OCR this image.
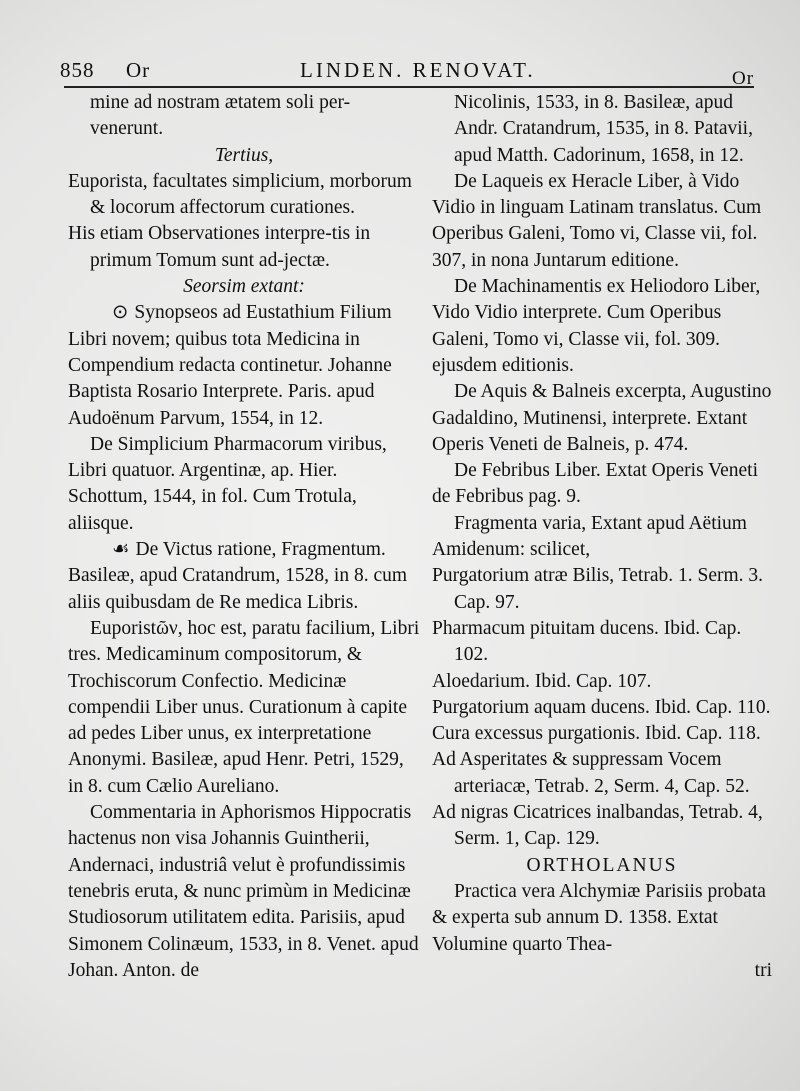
858 Or	LINDEN. RENOVAT.	Or

mine ad nostram ætatem soli per-

venerunt.

Tertius,

Euporista, facultates simplicium, morborum & locorum affectorum curationes.

His etiam Observationes interpre-tis in primum Tomum sunt ad-jectæ.

Seorsim extant:

⊙ Synopseos ad Eustathium Filium Libri novem; quibus tota Medicina in Compendium redacta continetur. Johanne Baptista Rosario Interprete. Paris. apud Audoënum Parvum, 1554, in 12.

De Simplicium Pharmacorum viribus, Libri quatuor. Argentinæ, ap. Hier. Schottum, 1544, in fol. Cum Trotula, aliisque.

☙ De Victus ratione, Fragmentum. Basileæ, apud Cratandrum, 1528, in 8. cum aliis quibusdam de Re medica Libris.

Euporistῶν, hoc est, paratu facilium, Libri tres. Medicaminum compositorum, & Trochiscorum Confectio. Medicinæ compendii Liber unus. Curationum à capite ad pedes Liber unus, ex interpretatione Anonymi. Basileæ, apud Henr. Petri, 1529, in 8. cum Cælio Aureliano.

Commentaria in Aphorismos Hippocratis hactenus non visa Johannis Guintherii, Andernaci, industriâ velut è profundissimis tenebris eruta, & nunc primùm in Medicinæ Studiosorum utilitatem edita. Parisiis, apud Simonem Colinæum, 1533, in 8. Venet. apud Johan. Anton. de

Nicolinis, 1533, in 8. Basileæ, apud Andr. Cratandrum, 1535, in 8. Patavii, apud Matth. Cadorinum, 1658, in 12.

De Laqueis ex Heracle Liber, à Vido Vidio in linguam Latinam translatus. Cum Operibus Galeni, Tomo vi, Classe vii, fol. 307, in nona Juntarum editione.

De Machinamentis ex Heliodoro Liber, Vido Vidio interprete. Cum Operibus Galeni, Tomo vi, Classe vii, fol. 309. ejusdem editionis.

De Aquis & Balneis excerpta, Augustino Gadaldino, Mutinensi, interprete. Extant Operis Veneti de Balneis, p. 474.

De Febribus Liber. Extat Operis Veneti de Febribus pag. 9.

Fragmenta varia, Extant apud Aëtium Amidenum: scilicet,

Purgatorium atræ Bilis, Tetrab. 1. Serm. 3. Cap. 97.

Pharmacum pituitam ducens. Ibid. Cap. 102.

Aloedarium. Ibid. Cap. 107.

Purgatorium aquam ducens. Ibid. Cap. 110.

Cura excessus purgationis. Ibid. Cap. 118.

Ad Asperitates & suppressam Vocem arteriacæ, Tetrab. 2, Serm. 4, Cap. 52.

Ad nigras Cicatrices inalbandas, Tetrab. 4, Serm. 1, Cap. 129.

ORTHOLANUS

Practica vera Alchymiæ Parisiis probata & experta sub annum D. 1358. Extat Volumine quarto Thea-

tri
